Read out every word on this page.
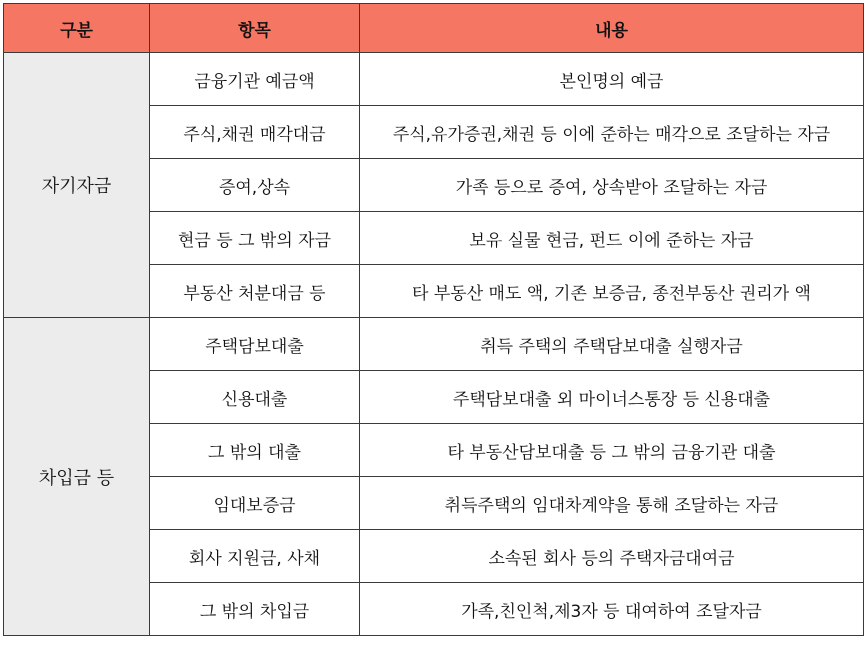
구분	항목	내용
자기자금	금융기관 예금액	본인명의 예금
	주식,채권 매각대금	주식,유가증권,채권 등 이에 준하는 매각으로 조달하는 자금
	증여,상속	가족 등으로 증여, 상속받아 조달하는 자금
	현금 등 그 밖의 자금	보유 실물 현금, 펀드 이에 준하는 자금
	부동산 처분대금 등	타 부동산 매도 액, 기존 보증금, 종전부동산 권리가 액
차입금 등	주택담보대출	취득 주택의 주택담보대출 실행자금
	신용대출	주택담보대출 외 마이너스통장 등 신용대출
	그 밖의 대출	타 부동산담보대출 등 그 밖의 금융기관 대출
	임대보증금	취득주택의 임대차계약을 통해 조달하는 자금
	회사 지원금, 사채	소속된 회사 등의 주택자금대여금
	그 밖의 차입금	가족,친인척,제3자 등 대여하여 조달자금
